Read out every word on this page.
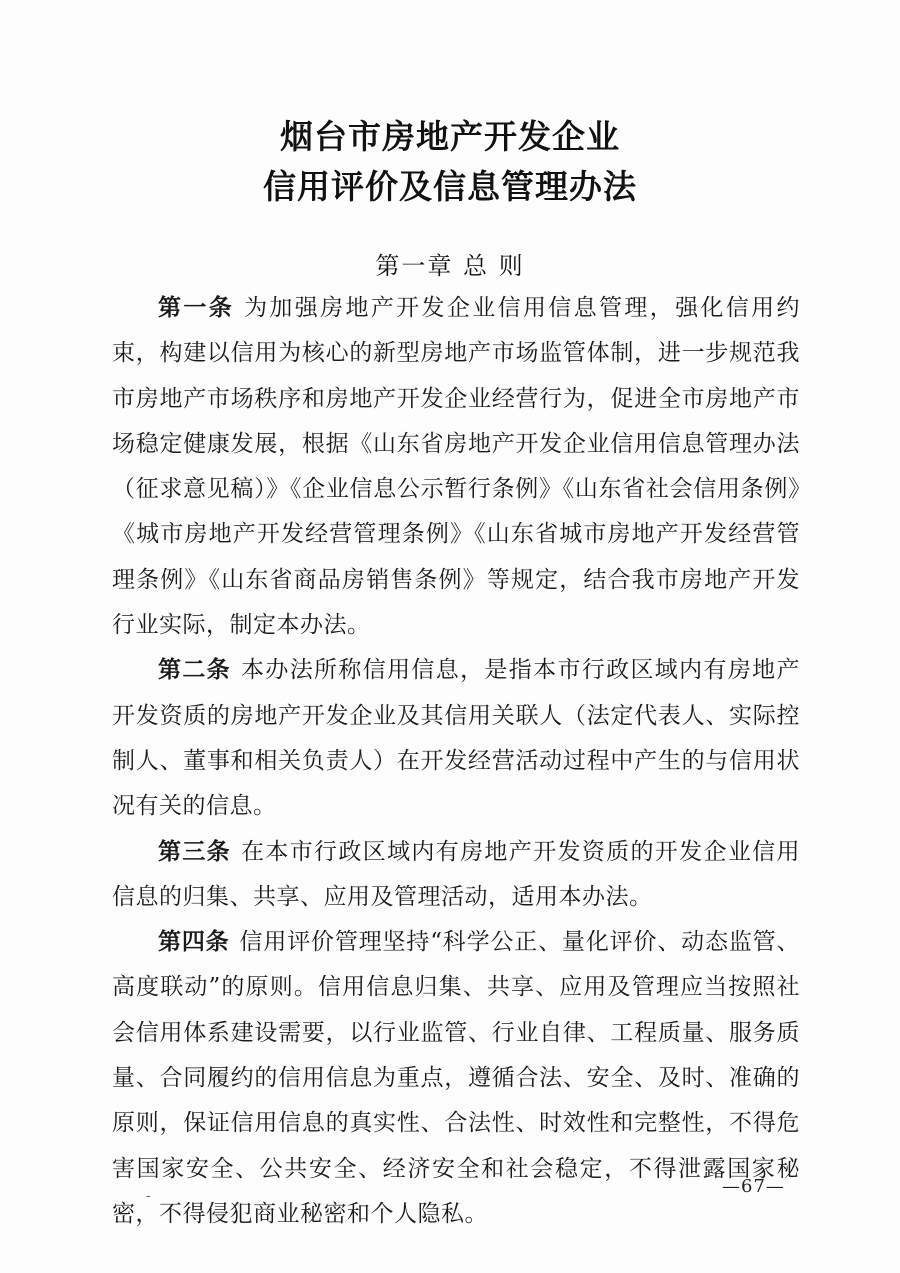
烟台市房地产开发企业
信用评价及信息管理办法
第一章 总 则

第一条 为加强房地产开发企业信用信息管理，强化信用约束，构建以信用为核心的新型房地产市场监管体制，进一步规范我市房地产市场秩序和房地产开发企业经营行为，促进全市房地产市场稳定健康发展，根据《山东省房地产开发企业信用信息管理办法（征求意见稿）》《企业信息公示暂行条例》《山东省社会信用条例》《城市房地产开发经营管理条例》《山东省城市房地产开发经营管理条例》《山东省商品房销售条例》等规定，结合我市房地产开发行业实际，制定本办法。

第二条 本办法所称信用信息，是指本市行政区域内有房地产开发资质的房地产开发企业及其信用关联人（法定代表人、实际控制人、董事和相关负责人）在开发经营活动过程中产生的与信用状况有关的信息。

第三条 在本市行政区域内有房地产开发资质的开发企业信用信息的归集、共享、应用及管理活动，适用本办法。

第四条 信用评价管理坚持“科学公正、量化评价、动态监管、高度联动”的原则。信用信息归集、共享、应用及管理应当按照社会信用体系建设需要，以行业监管、行业自律、工程质量、服务质量、合同履约的信用信息为重点，遵循合法、安全、及时、准确的原则，保证信用信息的真实性、合法性、时效性和完整性，不得危害国家安全、公共安全、经济安全和社会稳定，不得泄露国家秘密，不得侵犯商业秘密和个人隐私。

-	—67—
